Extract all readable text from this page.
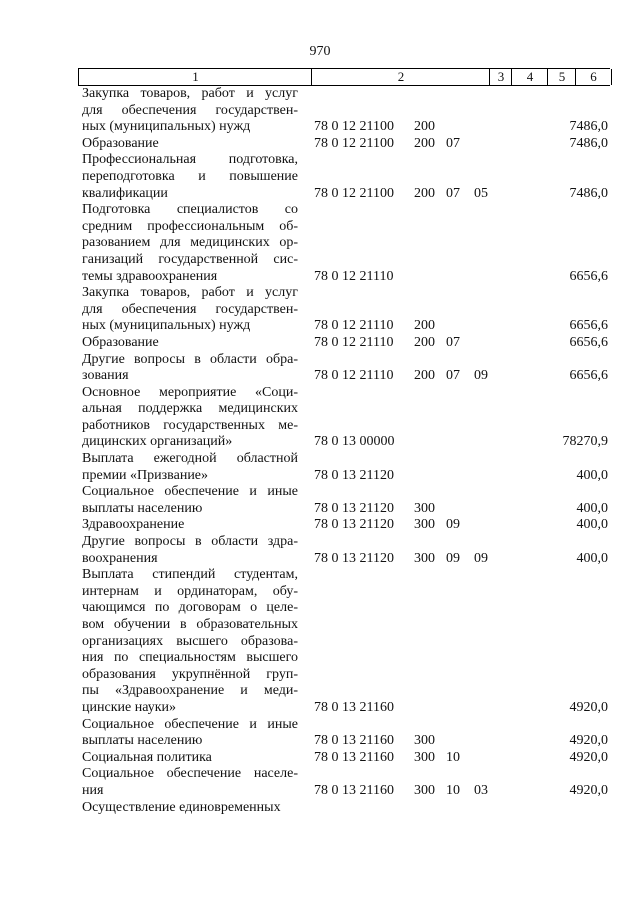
970
1	2	3	4	5	6
Закупка товаров, работ и услуг
для обеспечения государствен-
ных (муниципальных) нужд	78 0 12 21100 200	7486,0
Образование	78 0 12 21100 200 07	7486,0
Профессиональная подготовка,
переподготовка и повышение
квалификации	78 0 12 21100 200 07 05	7486,0
Подготовка специалистов со
средним профессиональным об-
разованием для медицинских ор-
ганизаций государственной сис-
темы здравоохранения	78 0 12 21110	6656,6
Закупка товаров, работ и услуг
для обеспечения государствен-
ных (муниципальных) нужд	78 0 12 21110 200	6656,6
Образование	78 0 12 21110 200 07	6656,6
Другие вопросы в области обра-
зования	78 0 12 21110 200 07 09	6656,6
Основное мероприятие «Соци-
альная поддержка медицинских
работников государственных ме-
дицинских организаций»	78 0 13 00000	78270,9
Выплата ежегодной областной
премии «Призвание»	78 0 13 21120	400,0
Социальное обеспечение и иные
выплаты населению	78 0 13 21120 300	400,0
Здравоохранение	78 0 13 21120 300 09	400,0
Другие вопросы в области здра-
воохранения	78 0 13 21120 300 09 09	400,0
Выплата стипендий студентам,
интернам и ординаторам, обу-
чающимся по договорам о целе-
вом обучении в образовательных
организациях высшего образова-
ния по специальностям высшего
образования укрупнённой груп-
пы «Здравоохранение и меди-
цинские науки»	78 0 13 21160	4920,0
Социальное обеспечение и иные
выплаты населению	78 0 13 21160 300	4920,0
Социальная политика	78 0 13 21160 300 10	4920,0
Социальное обеспечение населе-
ния	78 0 13 21160 300 10 03	4920,0
Осуществление единовременных
